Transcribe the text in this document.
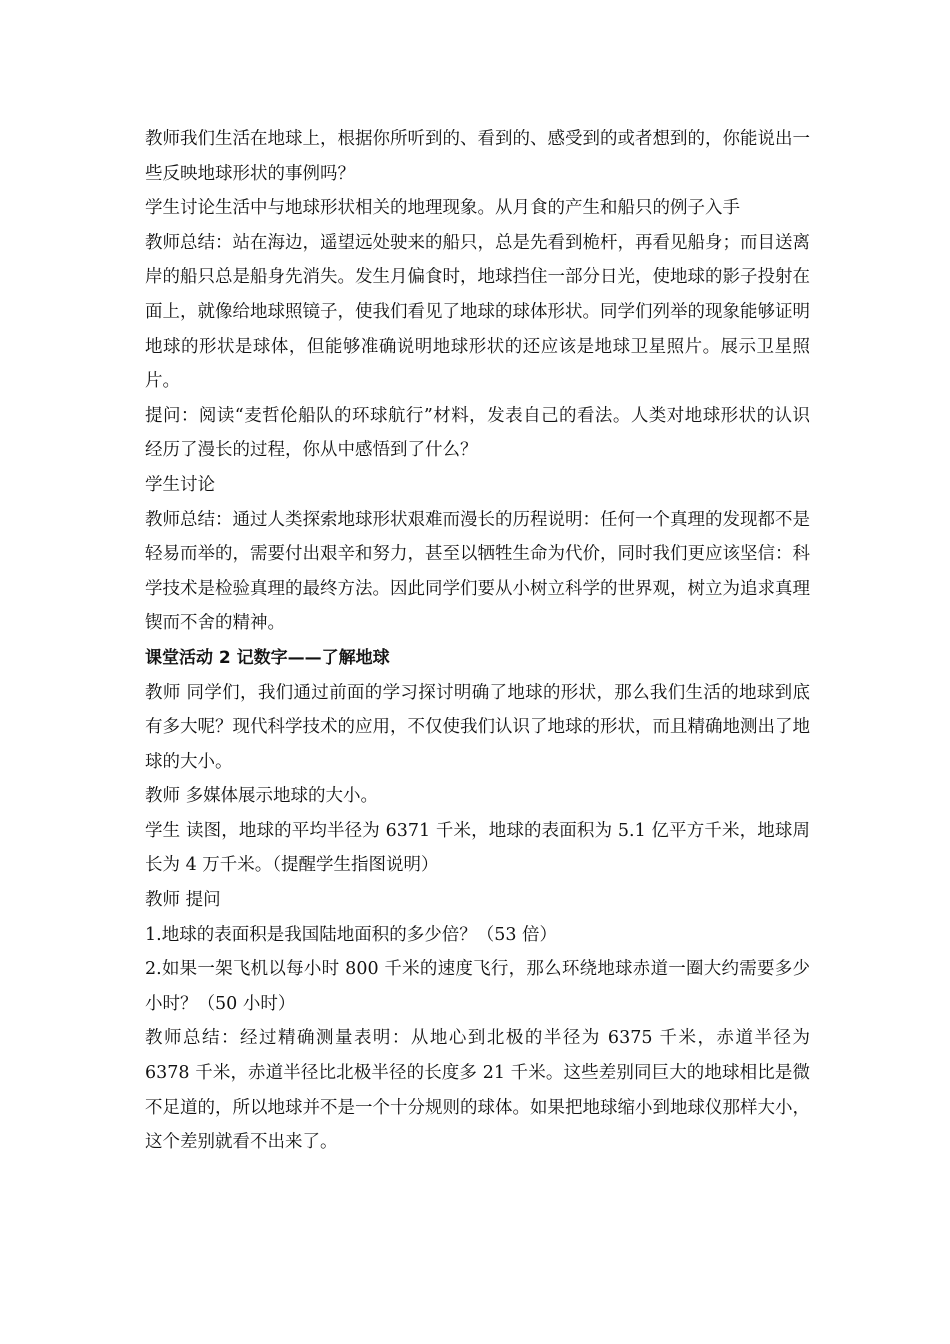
教师我们生活在地球上，根据你所听到的、看到的、感受到的或者想到的，你能说出一些反映地球形状的事例吗？

学生讨论生活中与地球形状相关的地理现象。从月食的产生和船只的例子入手

教师总结：站在海边，遥望远处驶来的船只，总是先看到桅杆，再看见船身；而目送离岸的船只总是船身先消失。发生月偏食时，地球挡住一部分日光，使地球的影子投射在面上，就像给地球照镜子，使我们看见了地球的球体形状。同学们列举的现象能够证明地球的形状是球体，但能够准确说明地球形状的还应该是地球卫星照片。展示卫星照片。

提问：阅读“麦哲伦船队的环球航行”材料，发表自己的看法。人类对地球形状的认识经历了漫长的过程，你从中感悟到了什么？

学生讨论

教师总结：通过人类探索地球形状艰难而漫长的历程说明：任何一个真理的发现都不是轻易而举的，需要付出艰辛和努力，甚至以牺牲生命为代价，同时我们更应该坚信：科学技术是检验真理的最终方法。因此同学们要从小树立科学的世界观，树立为追求真理锲而不舍的精神。

课堂活动 2 记数字——了解地球

教师 同学们，我们通过前面的学习探讨明确了地球的形状，那么我们生活的地球到底有多大呢？现代科学技术的应用，不仅使我们认识了地球的形状，而且精确地测出了地球的大小。

教师 多媒体展示地球的大小。

学生 读图，地球的平均半径为 6371 千米，地球的表面积为 5.1 亿平方千米，地球周长为 4 万千米。（提醒学生指图说明）

教师 提问

1.地球的表面积是我国陆地面积的多少倍？（53 倍）

2.如果一架飞机以每小时 800 千米的速度飞行，那么环绕地球赤道一圈大约需要多少小时？（50 小时）

教师总结：经过精确测量表明：从地心到北极的半径为 6375 千米，赤道半径为 6378 千米，赤道半径比北极半径的长度多 21 千米。这些差别同巨大的地球相比是微不足道的，所以地球并不是一个十分规则的球体。如果把地球缩小到地球仪那样大小，这个差别就看不出来了。
